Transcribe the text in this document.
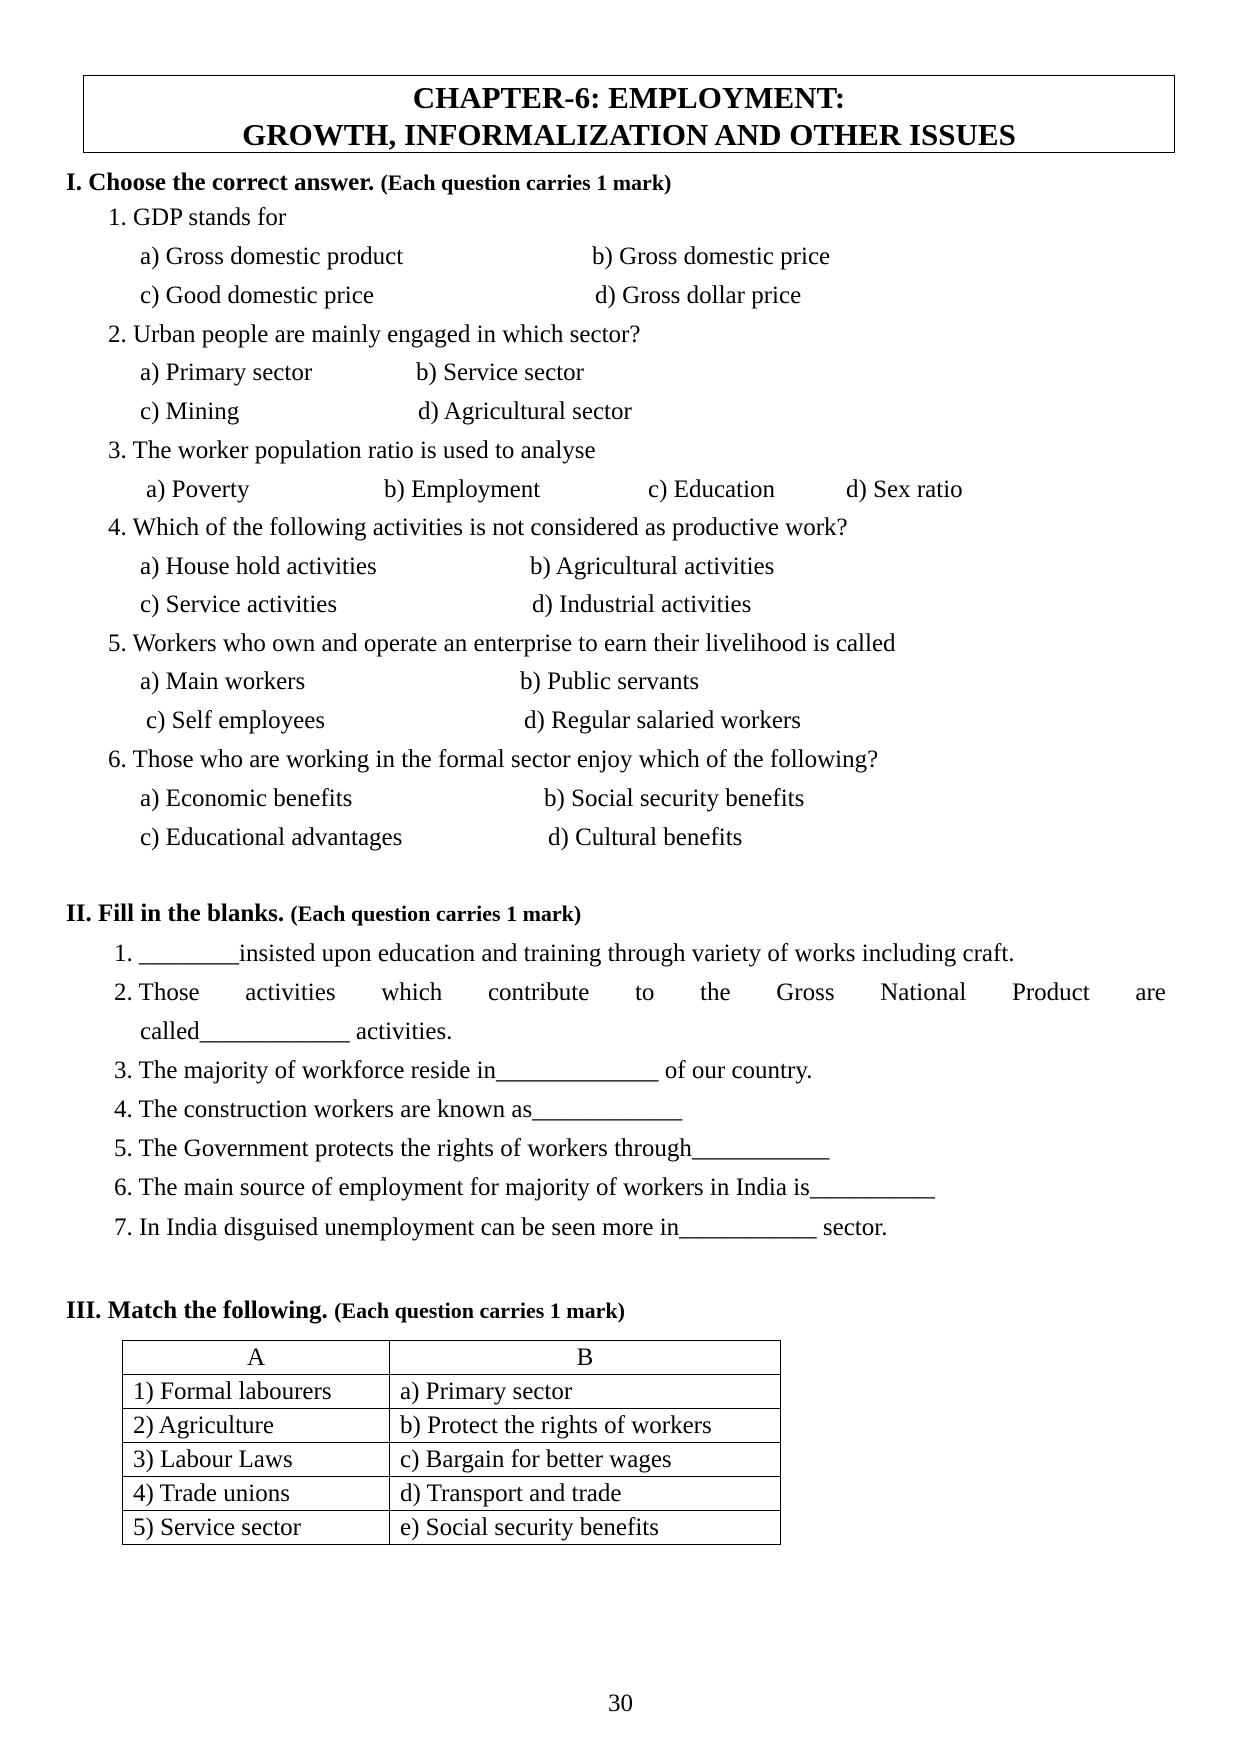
CHAPTER-6: EMPLOYMENT:
GROWTH, INFORMALIZATION AND OTHER ISSUES
I. Choose the correct answer. (Each question carries 1 mark)
1. GDP stands for
a) Gross domestic product	b) Gross domestic price
c) Good domestic price	d) Gross dollar price
2. Urban people are mainly engaged in which sector?
a) Primary sector	b) Service sector
c) Mining	d) Agricultural sector
3. The worker population ratio is used to analyse
a) Poverty	b) Employment	c) Education	d) Sex ratio
4. Which of the following activities is not considered as productive work?
a) House hold activities	b) Agricultural activities
c) Service activities	d) Industrial activities
5. Workers who own and operate an enterprise to earn their livelihood is called
a) Main workers	b) Public servants
c) Self employees	d) Regular salaried workers
6. Those who are working in the formal sector enjoy which of the following?
a) Economic benefits	b) Social security benefits
c) Educational advantages	d) Cultural benefits
II. Fill in the blanks. (Each question carries 1 mark)
1. ________insisted upon education and training through variety of works including craft.
2. Those activities which contribute to the Gross National Product are
called____________ activities.
3. The majority of workforce reside in_____________ of our country.
4. The construction workers are known as____________
5. The Government protects the rights of workers through___________
6. The main source of employment for majority of workers in India is__________
7. In India disguised unemployment can be seen more in___________ sector.
III. Match the following. (Each question carries 1 mark)
A	B
1) Formal labourers	a) Primary sector
2) Agriculture	b) Protect the rights of workers
3) Labour Laws	c) Bargain for better wages
4) Trade unions	d) Transport and trade
5) Service sector	e) Social security benefits
30
